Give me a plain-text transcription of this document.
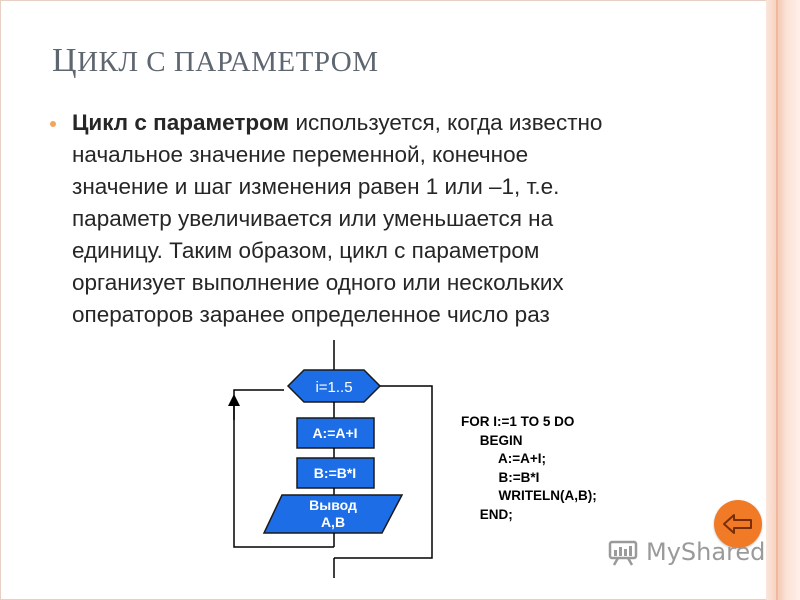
ЦИКЛ С ПАРАМЕТРОМ
Цикл с параметром используется, когда известно
начальное значение переменной, конечное
значение и шаг изменения равен 1 или –1, т.е.
параметр увеличивается или уменьшается на
единицу. Таким образом, цикл с параметром
организует выполнение одного или нескольких
операторов заранее определенное число раз
i=1..5
A:=A+I
B:=B*I
Вывод
A,B
FOR I:=1 TO 5 DO
BEGIN
A:=A+I;
B:=B*I
WRITELN(A,B);
END;
MyShared
